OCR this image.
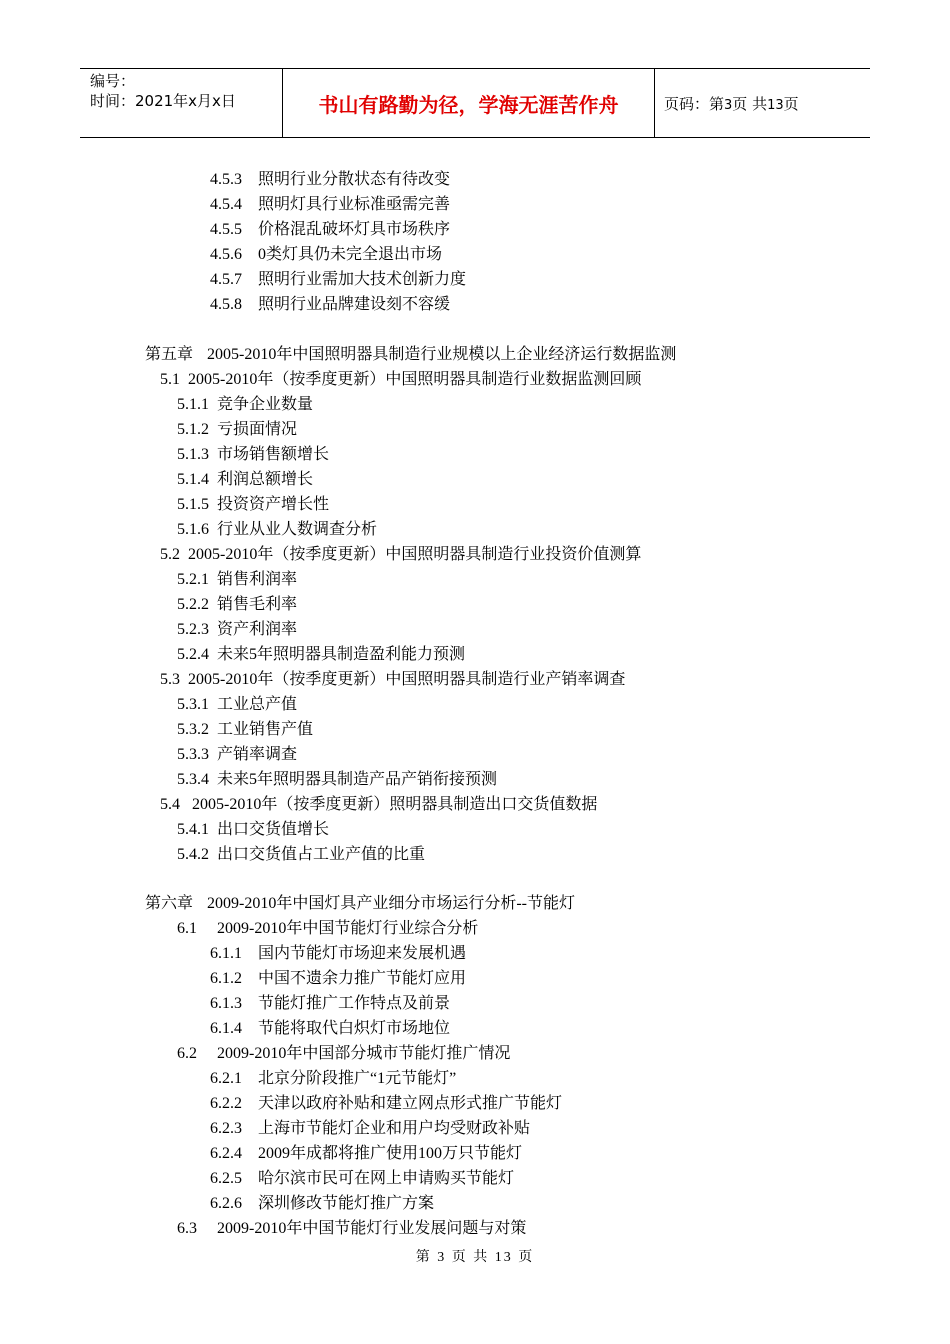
编号：
时间：2021年x月x日	书山有路勤为径，学海无涯苦作舟	页码：第3页 共13页
4.5.3 照明行业分散状态有待改变
4.5.4 照明灯具行业标准亟需完善
4.5.5 价格混乱破坏灯具市场秩序
4.5.6 0类灯具仍未完全退出市场
4.5.7 照明行业需加大技术创新力度
4.5.8 照明行业品牌建设刻不容缓
第五章 2005-2010年中国照明器具制造行业规模以上企业经济运行数据监测
5.1 2005-2010年（按季度更新）中国照明器具制造行业数据监测回顾
5.1.1 竞争企业数量
5.1.2 亏损面情况
5.1.3 市场销售额增长
5.1.4 利润总额增长
5.1.5 投资资产增长性
5.1.6 行业从业人数调查分析
5.2 2005-2010年（按季度更新）中国照明器具制造行业投资价值测算
5.2.1 销售利润率
5.2.2 销售毛利率
5.2.3 资产利润率
5.2.4 未来5年照明器具制造盈利能力预测
5.3 2005-2010年（按季度更新）中国照明器具制造行业产销率调查
5.3.1 工业总产值
5.3.2 工业销售产值
5.3.3 产销率调查
5.3.4 未来5年照明器具制造产品产销衔接预测
5.4 2005-2010年（按季度更新）照明器具制造出口交货值数据
5.4.1 出口交货值增长
5.4.2 出口交货值占工业产值的比重
第六章 2009-2010年中国灯具产业细分市场运行分析--节能灯
6.1 2009-2010年中国节能灯行业综合分析
6.1.1 国内节能灯市场迎来发展机遇
6.1.2 中国不遗余力推广节能灯应用
6.1.3 节能灯推广工作特点及前景
6.1.4 节能将取代白炽灯市场地位
6.2 2009-2010年中国部分城市节能灯推广情况
6.2.1 北京分阶段推广“1元节能灯”
6.2.2 天津以政府补贴和建立网点形式推广节能灯
6.2.3 上海市节能灯企业和用户均受财政补贴
6.2.4 2009年成都将推广使用100万只节能灯
6.2.5 哈尔滨市民可在网上申请购买节能灯
6.2.6 深圳修改节能灯推广方案
6.3 2009-2010年中国节能灯行业发展问题与对策
第 3 页 共 13 页
